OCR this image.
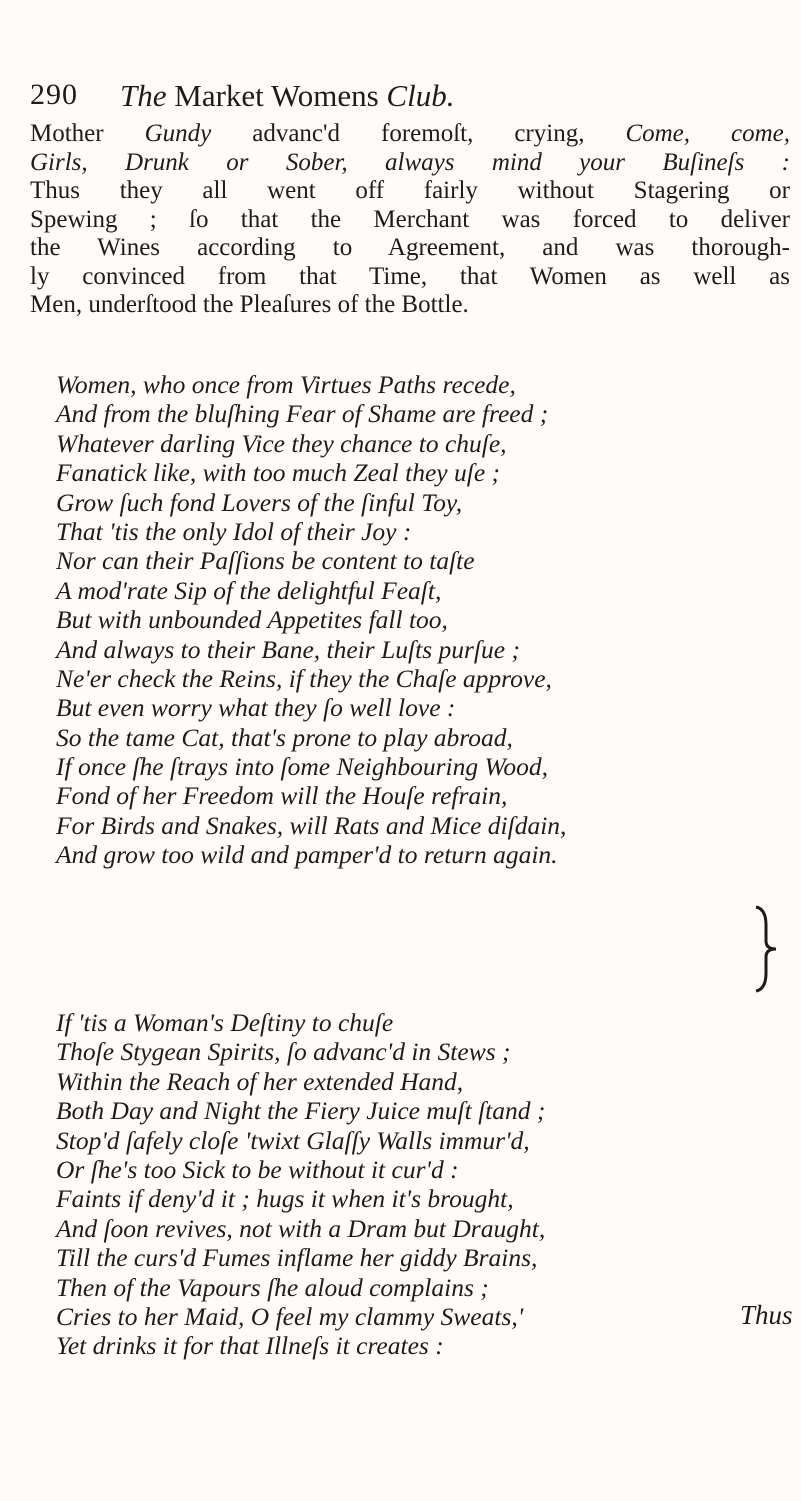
290 The Market Womens Club.
Mother Gundy advanc'd foremoſt, crying, Come, come,
Girls, Drunk or Sober, always mind your Buſineſs :
Thus they all went off fairly without Stagering or
Spewing ; ſo that the Merchant was forced to deliver
the Wines according to Agreement, and was thorough-
ly convinced from that Time, that Women as well as
Men, underſtood the Pleaſures of the Bottle.
Women, who once from Virtues Paths recede,
And from the bluſhing Fear of Shame are freed ;
Whatever darling Vice they chance to chuſe,
Fanatick like, with too much Zeal they uſe ;
Grow ſuch fond Lovers of the ſinful Toy,
That 'tis the only Idol of their Joy :
Nor can their Paſſions be content to taſte
A mod'rate Sip of the delightful Feaſt,
But with unbounded Appetites fall too,
And always to their Bane, their Luſts purſue ;
Ne'er check the Reins, if they the Chaſe approve,
But even worry what they ſo well love :
So the tame Cat, that's prone to play abroad,
If once ſhe ſtrays into ſome Neighbouring Wood,
Fond of her Freedom will the Houſe refrain,
For Birds and Snakes, will Rats and Mice diſdain,
And grow too wild and pamper'd to return again.
If 'tis a Woman's Deſtiny to chuſe
Thoſe Stygean Spirits, ſo advanc'd in Stews ;
Within the Reach of her extended Hand,
Both Day and Night the Fiery Juice muſt ſtand ;
Stop'd ſafely cloſe 'twixt Glaſſy Walls immur'd,
Or ſhe's too Sick to be without it cur'd :
Faints if deny'd it ; hugs it when it's brought,
And ſoon revives, not with a Dram but Draught,
Till the curs'd Fumes inflame her giddy Brains,
Then of the Vapours ſhe aloud complains ;
Cries to her Maid, O feel my clammy Sweats,'
Yet drinks it for that Illneſs it creates :
Thus
